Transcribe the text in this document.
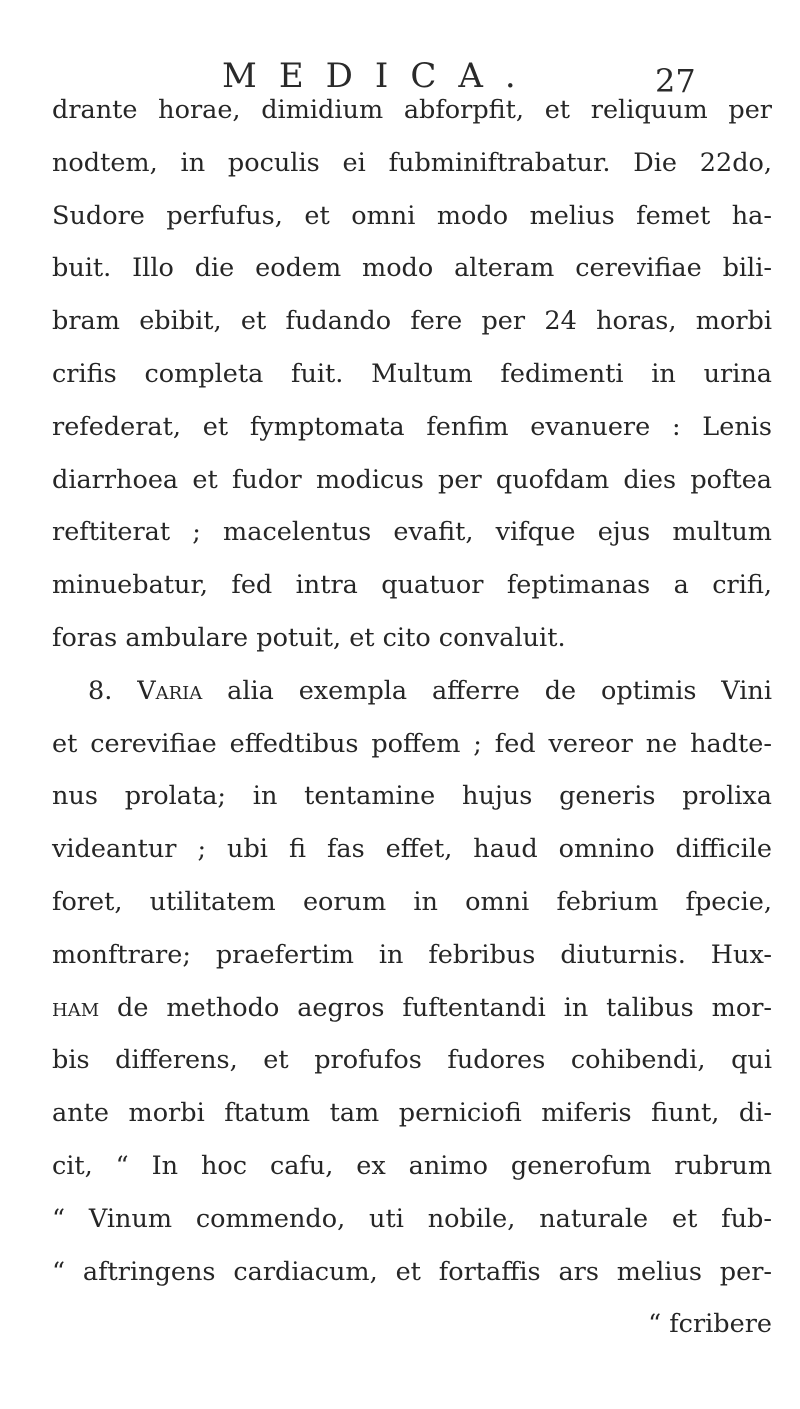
MEDICA.	27
drante horae, dimidium abforpfit, et reliquum per
nodtem, in poculis ei fubminiftrabatur. Die 22do,
Sudore perfufus, et omni modo melius femet ha-
buit. Illo die eodem modo alteram cerevifiae bili-
bram ebibit, et fudando fere per 24 horas, morbi
crifis completa fuit. Multum fedimenti in urina
refederat, et fymptomata fenfim evanuere : Lenis
diarrhoea et fudor modicus per quofdam dies poftea
reftiterat ; macelentus evafit, vifque ejus multum
minuebatur, fed intra quatuor feptimanas a crifi,
foras ambulare potuit, et cito convaluit.
8. Varia alia exempla afferre de optimis Vini
et cerevifiae effedtibus poffem ; fed vereor ne hadte-
nus prolata; in tentamine hujus generis prolixa
videantur ; ubi fi fas effet, haud omnino difficile
foret, utilitatem eorum in omni febrium fpecie,
monftrare; praefertim in febribus diuturnis. Hux-
ham de methodo aegros fuftentandi in talibus mor-
bis differens, et profufos fudores cohibendi, qui
ante morbi ftatum tam perniciofi miferis fiunt, di-
cit, “ In hoc cafu, ex animo generofum rubrum
“ Vinum commendo, uti nobile, naturale et fub-
“ aftringens cardiacum, et fortaffis ars melius per-
“ fcribere
